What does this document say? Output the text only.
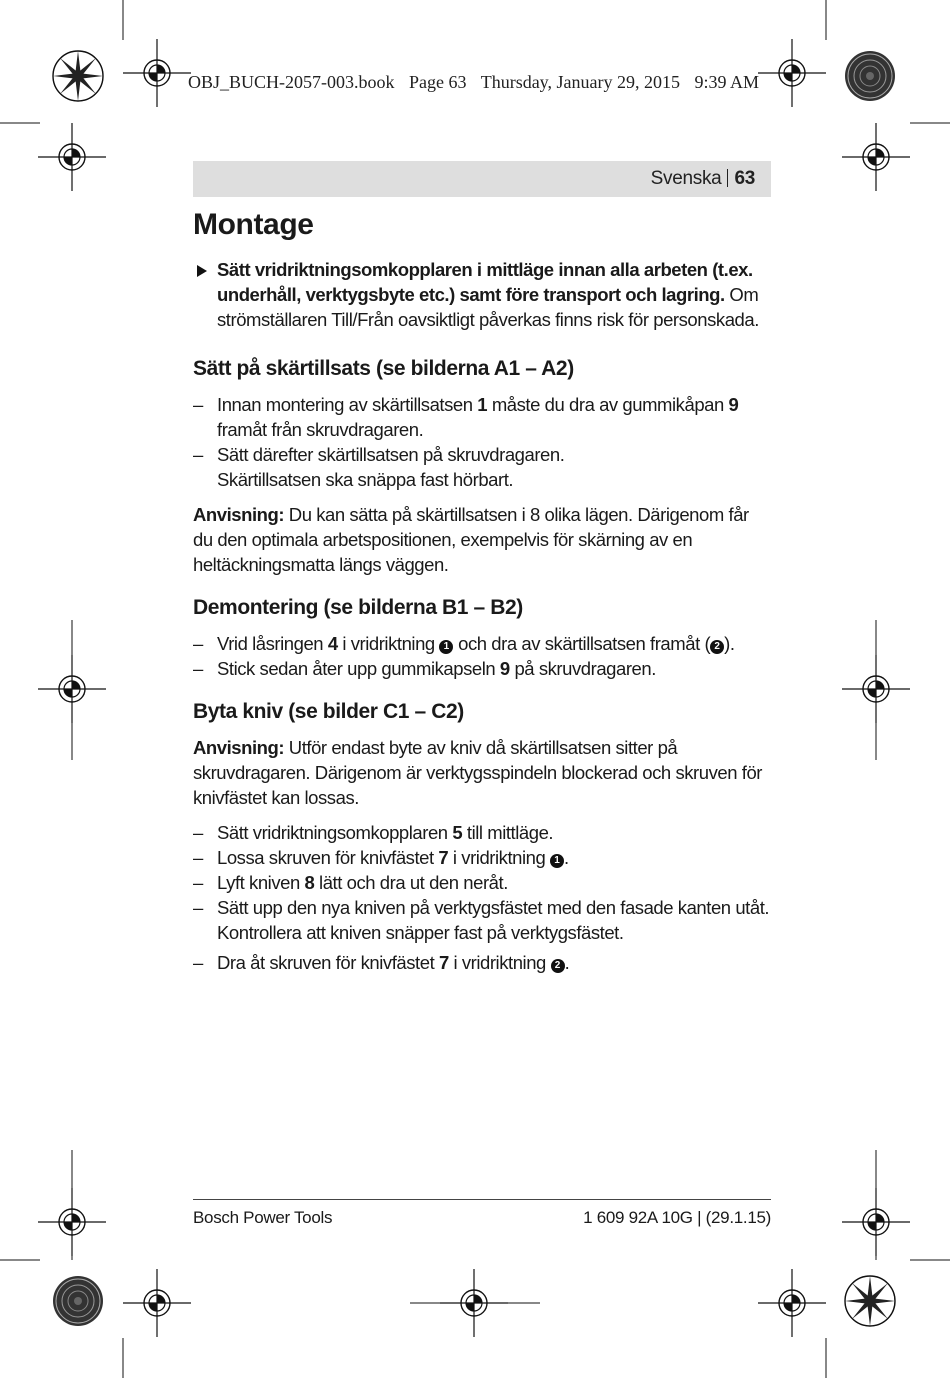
OBJ_BUCH-2057-003.book Page 63 Thursday, January 29, 2015 9:39 AM
Svenska 63
Montage
Sätt vridriktningsomkopplaren i mittläge innan alla arbeten (t.ex. underhåll, verktygsbyte etc.) samt före transport och lagring. Om strömställaren Till/Från oavsiktligt påverkas finns risk för personskada.
Sätt på skärtillsats (se bilderna A1 – A2)
– Innan montering av skärtillsatsen 1 måste du dra av gummikåpan 9 framåt från skruvdragaren.
– Sätt därefter skärtillsatsen på skruvdragaren.
Skärtillsatsen ska snäppa fast hörbart.

Anvisning: Du kan sätta på skärtillsatsen i 8 olika lägen. Därigenom får du den optimala arbetspositionen, exempelvis för skärning av en heltäckningsmatta längs väggen.

Demontering (se bilderna B1 – B2)
– Vrid låsringen 4 i vridriktning 1 och dra av skärtillsatsen framåt ( 2 ).
– Stick sedan åter upp gummikapseln 9 på skruvdragaren.
Byta kniv (se bilder C1 – C2)

Anvisning: Utför endast byte av kniv då skärtillsatsen sitter på skruvdragaren. Därigenom är verktygsspindeln blockerad och skruven för knivfästet kan lossas.

– Sätt vridriktningsomkopplaren 5 till mittläge.
– Lossa skruven för knivfästet 7 i vridriktning 1 .
– Lyft kniven 8 lätt och dra ut den neråt.
– Sätt upp den nya kniven på verktygsfästet med den fasade kanten utåt.
Kontrollera att kniven snäpper fast på verktygsfästet.
– Dra åt skruven för knivfästet 7 i vridriktning 2 .
Bosch Power Tools	1 609 92A 10G | (29.1.15)
